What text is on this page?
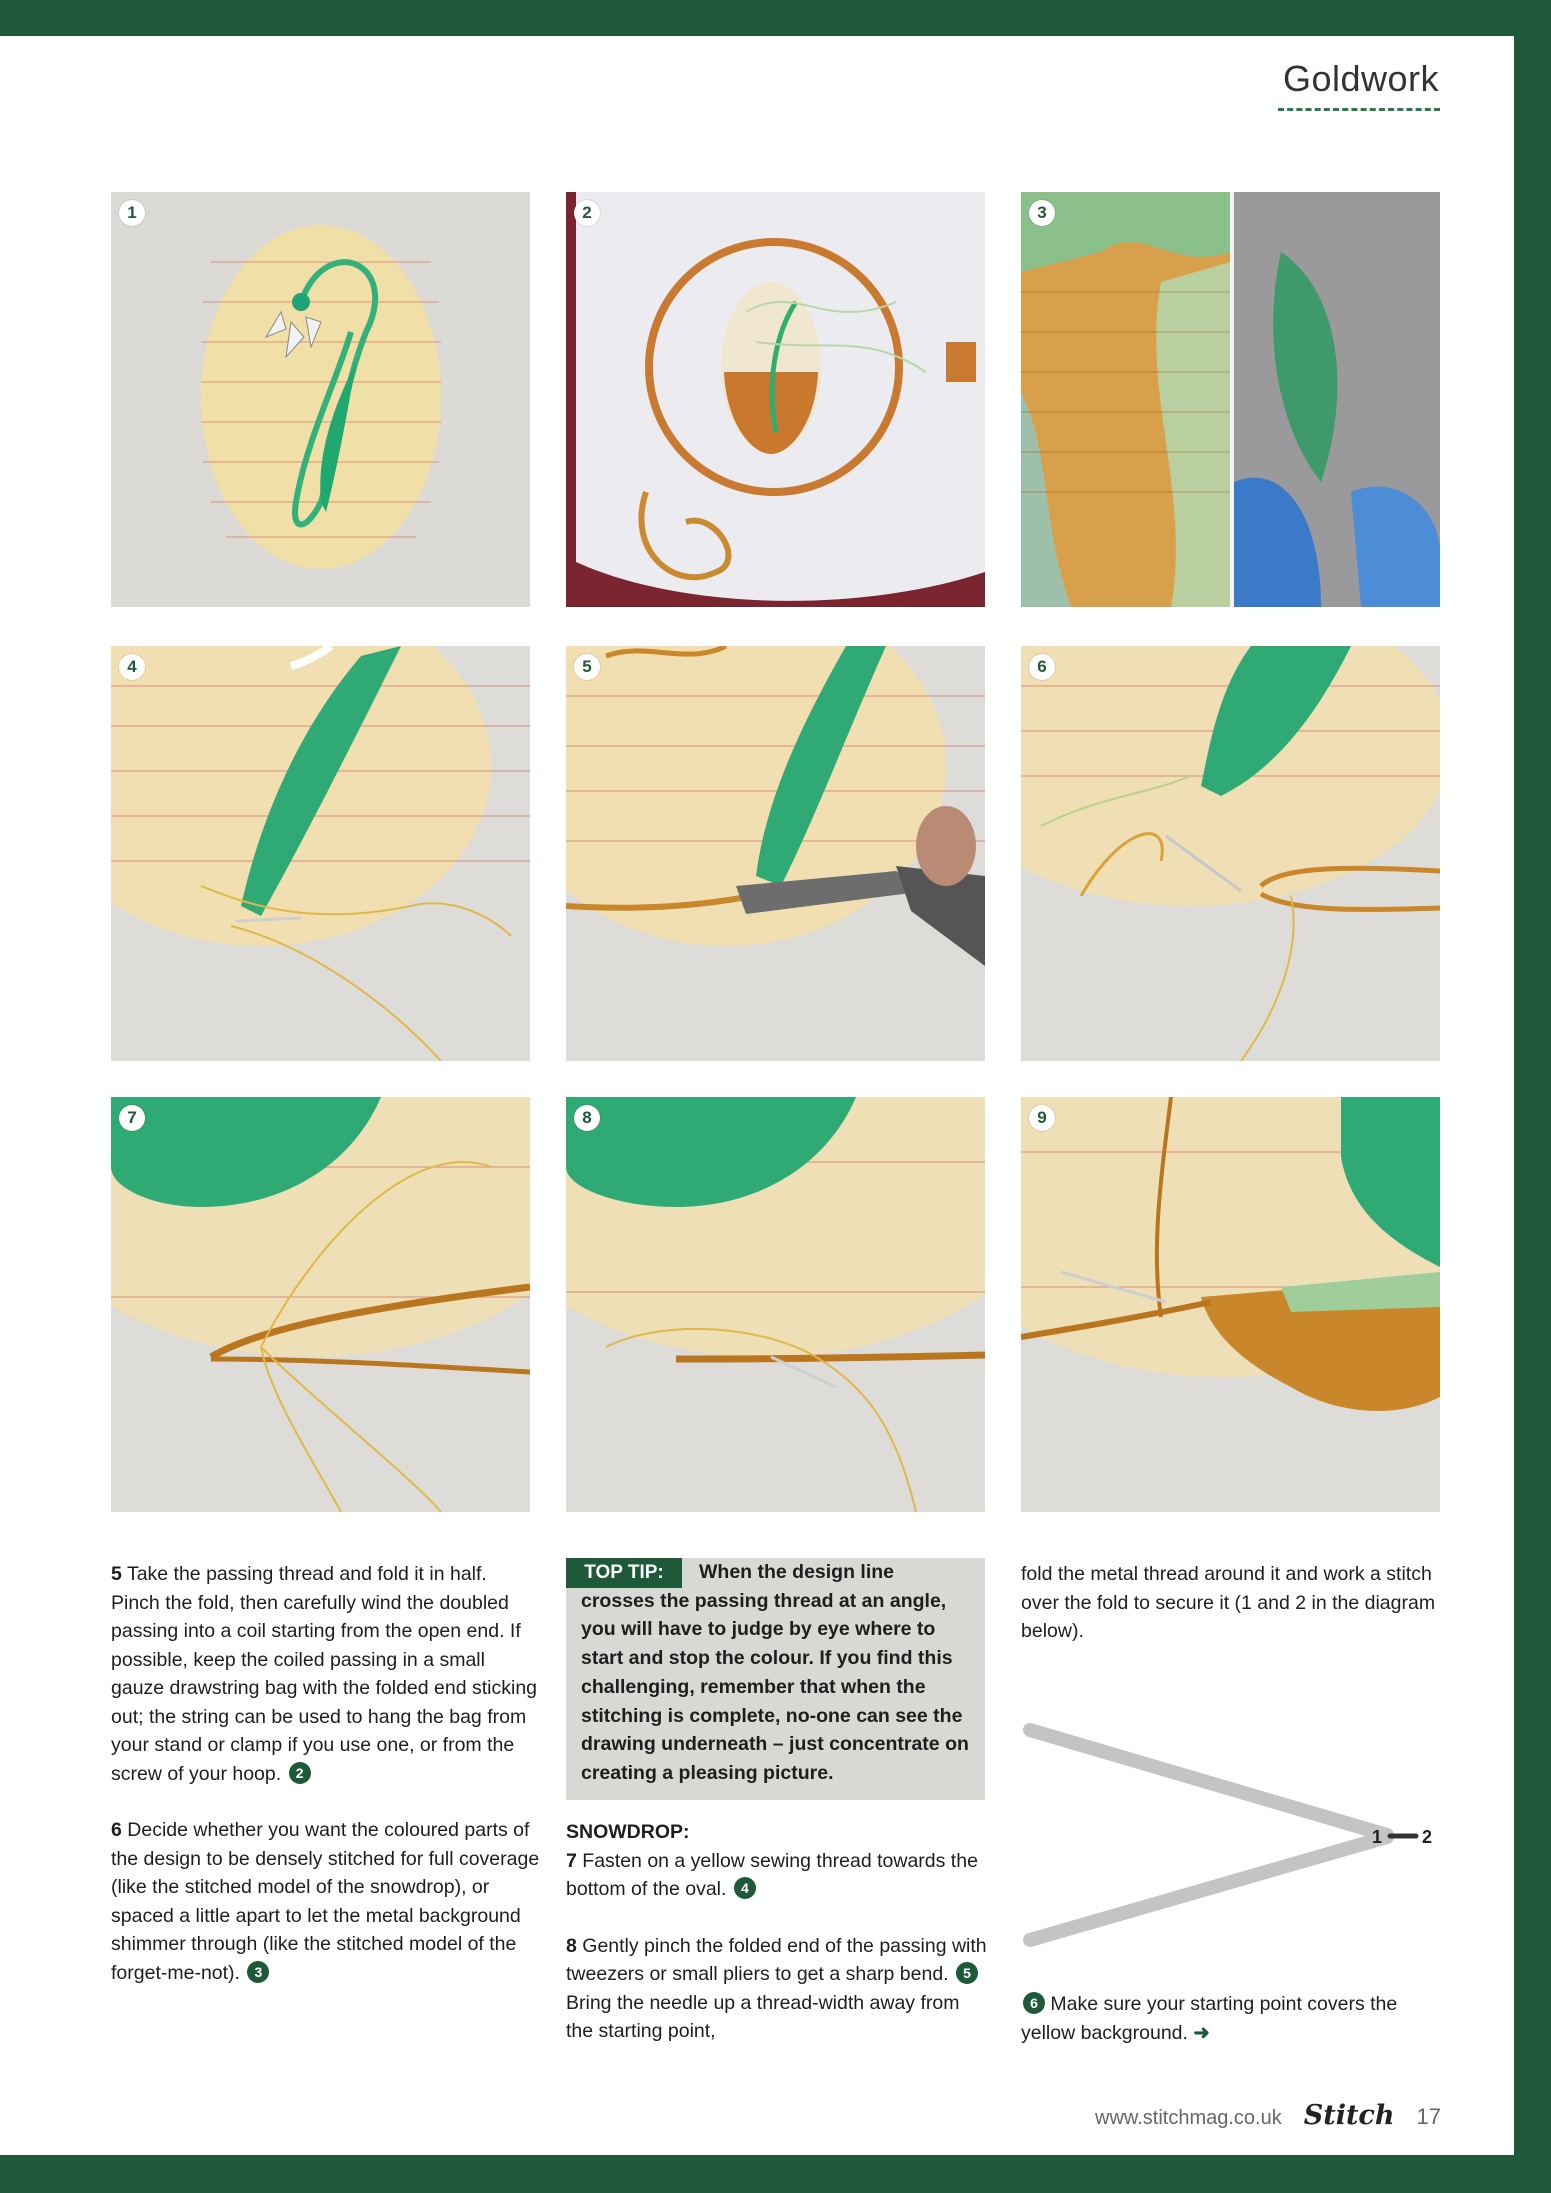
Goldwork
1	2	3
4	5	6
7	8	9

5 Take the passing thread and fold it in half. Pinch the fold, then carefully wind the doubled passing into a coil starting from the open end. If possible, keep the coiled passing in a small gauze drawstring bag with the folded end sticking out; the string can be used to hang the bag from your stand or clamp if you use one, or from the screw of your hoop. 2

6 Decide whether you want the coloured parts of the design to be densely stitched for full coverage (like the stitched model of the snowdrop), or spaced a little apart to let the metal background shimmer through (like the stitched model of the forget-me-not). 3

TOP TIP:	When the design line crosses the passing thread at an angle, you will have to judge by eye where to start and stop the colour. If you find this challenging, remember that when the stitching is complete, no-one can see the drawing underneath – just concentrate on creating a pleasing picture.
SNOWDROP:

7 Fasten on a yellow sewing thread towards the bottom of the oval. 4

8 Gently pinch the folded end of the passing with tweezers or small pliers to get a sharp bend. 5 Bring the needle up a thread-width away from the starting point,

fold the metal thread around it and work a stitch over the fold to secure it (1 and 2 in the diagram below).

1 2
6 Make sure your starting point covers the yellow background. ➜
www.stitchmag.co.uk Stitch 17
